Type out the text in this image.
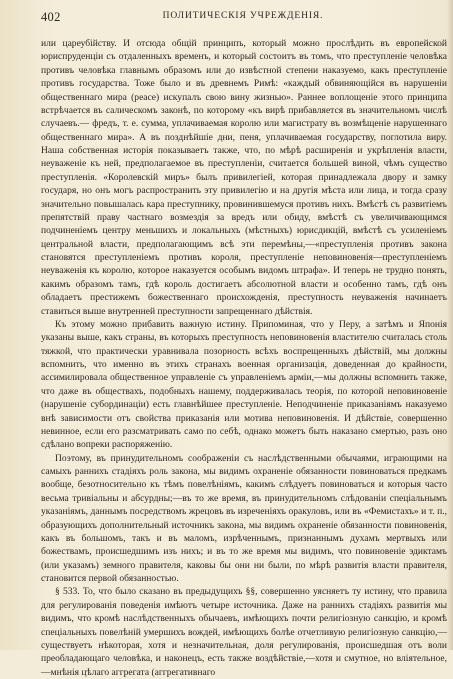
402	ПОЛИТИЧЕСКІЯ УЧРЕЖДЕНІЯ.

или цареубійству. И отсюда общій принципъ, который можно прослѣдить въ европейской юриспруденціи съ отдаленныхъ временъ, и который состоитъ въ томъ, что преступленіе человѣка противъ человѣка главнымъ образомъ или до извѣстной степени наказуемо, какъ преступленіе противъ государства. Тоже было и въ древнемъ Римѣ: «каждый обвиняющійся въ нарушеніи общественнаго мира (peace) искупалъ свою вину жизнью». Раннее воплощеніе этого принципа встрѣчается въ салическомъ законѣ, по которому «къ вирѣ прибавляется въ значительномъ числѣ случаевъ.— фредъ, т. е. сумма, уплачиваемая королю или магистрату въ возмѣщеніе нарушеннаго общественнаго мира». А въ позднѣйшіе дни, пеня, уплачиваемая государству, поглотила виру. Наша собственная исторія показываетъ также, что, по мѣрѣ расширенія и укрѣпленія власти, неуваженіе къ ней, предполагаемое въ преступленіи, считается большей виной, чѣмъ существо преступленія. «Королевскій миръ» былъ привилегіей, которая принадлежала двору и замку государя, но онъ могъ распространить эту привилегію и на другія мѣста или лица, и тогда сразу значительно повышалась кара преступнику, провинившемуся противъ нихъ. Вмѣстѣ съ развитіемъ препятствій праву частнаго возмездія за вредъ или обиду, вмѣстѣ съ увеличивающимся подчиненіемъ центру меньшихъ и локальныхъ (мѣстныхъ) юрисдикцій, вмѣстѣ съ усиленіемъ центральной власти, предполагающимъ всѣ эти перемѣны,—«преступленія противъ закона становятся преступленіемъ противъ короля, преступленіе неповиновенія—преступленіемъ неуваженія къ королю, которое наказуется особымъ видомъ штрафа». И теперь не трудно понять, какимъ образомъ тамъ, гдѣ король достигаетъ абсолютной власти и особенно тамъ, гдѣ онъ обладаетъ престижемъ божественнаго происхожденія, преступность неуваженія начинаетъ ставиться выше внутренней преступности запрещеннаго дѣйствія.

Къ этому можно прибавить важную истину. Припоминая, что у Перу, а затѣмъ и Японія указаны выше, какъ страны, въ которыхъ преступность неповиновенія властителю считалась столь тяжкой, что практически уравнивала позорность всѣхъ воспрещенныхъ дѣйствій, мы должны вспомнить, что именно въ этихъ странахъ военная организація, доведенная до крайности, ассимилировала общественное управленіе съ управленіемъ арміи,—мы должны вспомнить также, что даже въ обществахъ, подобныхъ нашему, поддерживалась теорія, по которой неповиновеніе (нарушеніе субординаціи) есть главнѣйшее преступленіе. Неподчиненіе приказаніямъ наказуемо внѣ зависимости отъ свойства приказанія или мотива неповиновенія. И дѣйствіе, совершенно невинное, если его разсматривать само по себѣ, однако можетъ быть наказано смертью, разъ оно сдѣлано вопреки распоряженію.

Поэтому, въ принудительномъ соображеніи съ наслѣдственными обычаями, играющими на самыхъ раннихъ стадіяхъ роль закона, мы видимъ охраненіе обязанности повиноваться предкамъ вообще, безотносительно къ тѣмъ повелѣніямъ, какимъ слѣдуетъ повиноваться и которыя часто весьма тривіальны и абсурдны;—въ то же время, въ принудительномъ слѣдованіи спеціальнымъ указаніямъ, даннымъ посредствомъ жрецовъ въ изреченіяхъ оракуловъ, или въ «Фемистахъ» и т. п., образующихъ дополнительный источникъ закона, мы видимъ охраненіе обязанности повиновенія, какъ въ большомъ, такъ и въ маломъ, изрѣченнымъ, признаннымъ духамъ мертвыхъ или божествамъ, происшедшимъ изъ нихъ; и въ то же время мы видимъ, что повиновеніе эдиктамъ (или указамъ) земного правителя, каковы бы они ни были, по мѣрѣ развитія власти правителя, становится первой обязанностью.

§ 533. То, что было сказано въ предыдущихъ §§, совершенно уясняетъ ту истину, что правила для регулированія поведенія имѣютъ четыре источника. Даже на раннихъ стадіяхъ развитія мы видимъ, что кромѣ наслѣдственныхъ обычаевъ, имѣющихъ почти религіозную санкцію, и кромѣ спеціальныхъ повелѣній умершихъ вождей, имѣющихъ болѣе отчетливую религіозную санкцію,— существуетъ нѣкоторая, хотя и незначительная, доля регулированія, происшедшая отъ воли преобладающаго человѣка, и наконецъ, есть также воздѣйствіе,—хотя и смутное, но вліятельное,—мнѣнія цѣлаго аггрегата (аггрегативнаго
